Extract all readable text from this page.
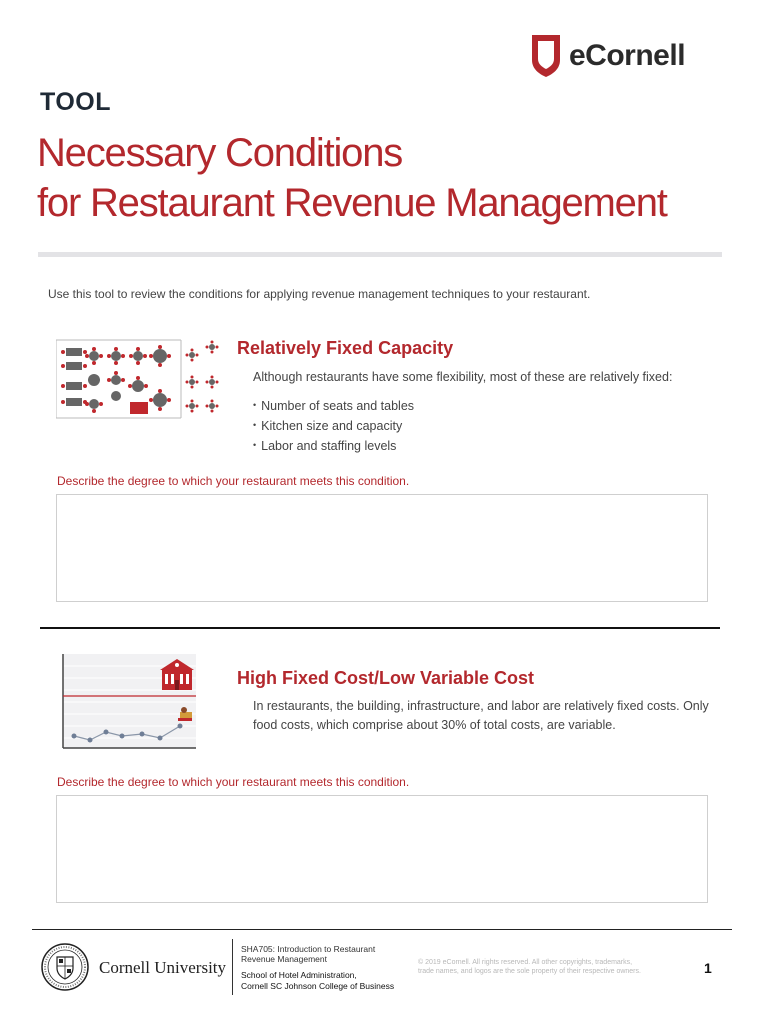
eCornell
TOOL
Necessary Conditions
for Restaurant Revenue Management
Use this tool to review the conditions for applying revenue management techniques to your restaurant.
Relatively Fixed Capacity
Although restaurants have some flexibility, most of these are relatively fixed:
• Number of seats and tables
• Kitchen size and capacity
• Labor and staffing levels
Describe the degree to which your restaurant meets this condition.
High Fixed Cost/Low Variable Cost
In restaurants, the building, infrastructure, and labor are relatively fixed costs. Only food costs, which comprise about 30% of total costs, are variable.
Describe the degree to which your restaurant meets this condition.
Cornell University
SHA705: Introduction to Restaurant
Revenue Management
School of Hotel Administration,
Cornell SC Johnson College of Business
© 2019 eCornell. All rights reserved. All other copyrights, trademarks,
trade names, and logos are the sole property of their respective owners.	1
